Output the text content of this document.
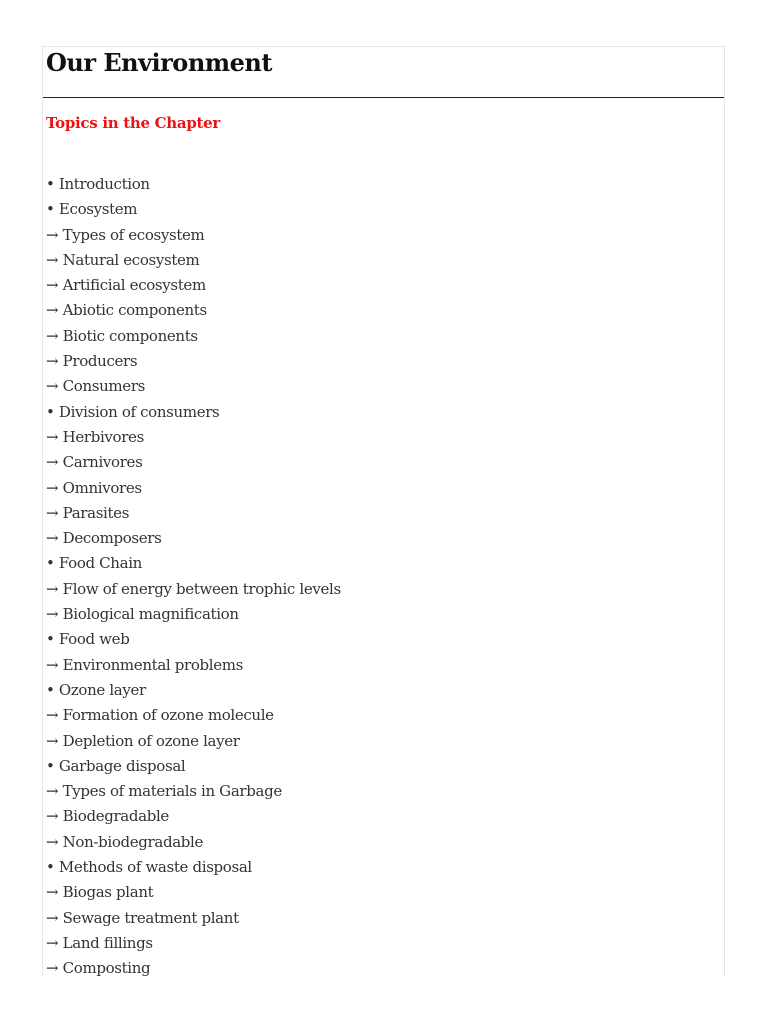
Our Environment
Topics in the Chapter
• Introduction
• Ecosystem
→ Types of ecosystem
→ Natural ecosystem
→ Artificial ecosystem
→ Abiotic components
→ Biotic components
→ Producers
→ Consumers
• Division of consumers
→ Herbivores
→ Carnivores
→ Omnivores
→ Parasites
→ Decomposers
• Food Chain
→ Flow of energy between trophic levels
→ Biological magnification
• Food web
→ Environmental problems
• Ozone layer
→ Formation of ozone molecule
→ Depletion of ozone layer
• Garbage disposal
→ Types of materials in Garbage
→ Biodegradable
→ Non-biodegradable
• Methods of waste disposal
→ Biogas plant
→ Sewage treatment plant
→ Land fillings
→ Composting
